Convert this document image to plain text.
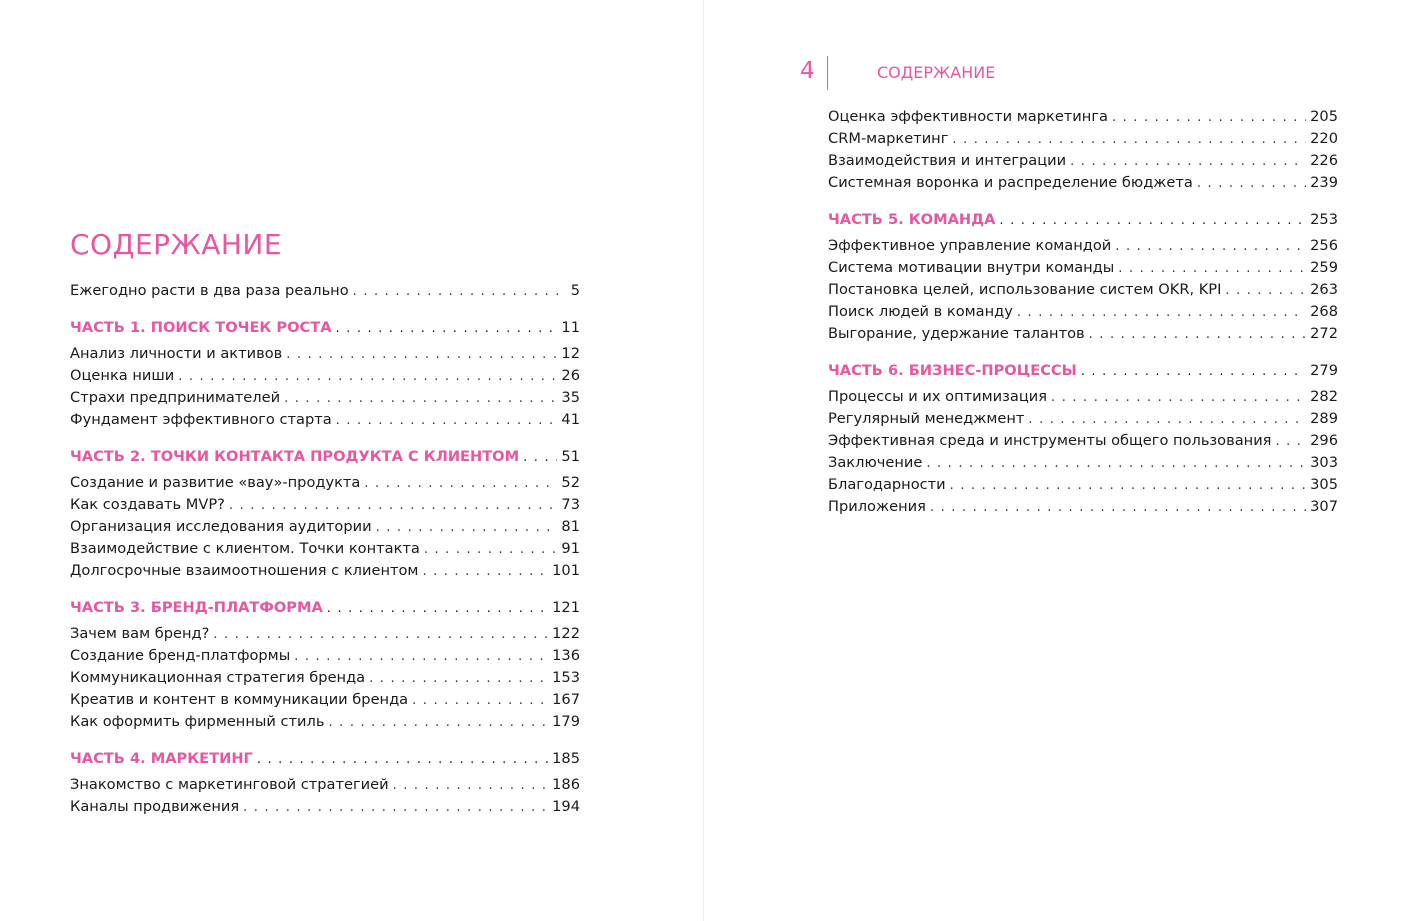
СОДЕРЖАНИЕ
Ежегодно расти в два раза реально . . .	5
ЧАСТЬ 1. ПОИСК ТОЧЕК РОСТА . . .	11
Анализ личности и активов . . .	12
Оценка ниши . . .	26
Страхи предпринимателей . . .	35
Фундамент эффективного старта . . .	41
ЧАСТЬ 2. ТОЧКИ КОНТАКТА ПРОДУКТА С КЛИЕНТОМ . . .	51
Создание и развитие «вау»-продукта . . .	52
Как создавать MVP? . . .	73
Организация исследования аудитории . . .	81
Взаимодействие с клиентом. Точки контакта . . .	91
Долгосрочные взаимоотношения с клиентом . . .	101
ЧАСТЬ 3. БРЕНД-ПЛАТФОРМА . . .	121
Зачем вам бренд? . . .	122
Создание бренд-платформы . . .	136
Коммуникационная стратегия бренда . . .	153
Креатив и контент в коммуникации бренда . . .	167
Как оформить фирменный стиль . . .	179
ЧАСТЬ 4. МАРКЕТИНГ . . .	185
Знакомство с маркетинговой стратегией . . .	186
Каналы продвижения . . .	194
4	СОДЕРЖАНИЕ
Оценка эффективности маркетинга . . .	205
CRM-маркетинг . . .	220
Взаимодействия и интеграции . . .	226
Системная воронка и распределение бюджета . . .	239
ЧАСТЬ 5. КОМАНДА . . .	253
Эффективное управление командой . . .	256
Система мотивации внутри команды . . .	259
Постановка целей, использование систем OKR, KPI . . .	263
Поиск людей в команду . . .	268
Выгорание, удержание талантов . . .	272
ЧАСТЬ 6. БИЗНЕС-ПРОЦЕССЫ . . .	279
Процессы и их оптимизация . . .	282
Регулярный менеджмент . . .	289
Эффективная среда и инструменты общего пользования . . .	296
Заключение . . .	303
Благодарности . . .	305
Приложения . . .	307
